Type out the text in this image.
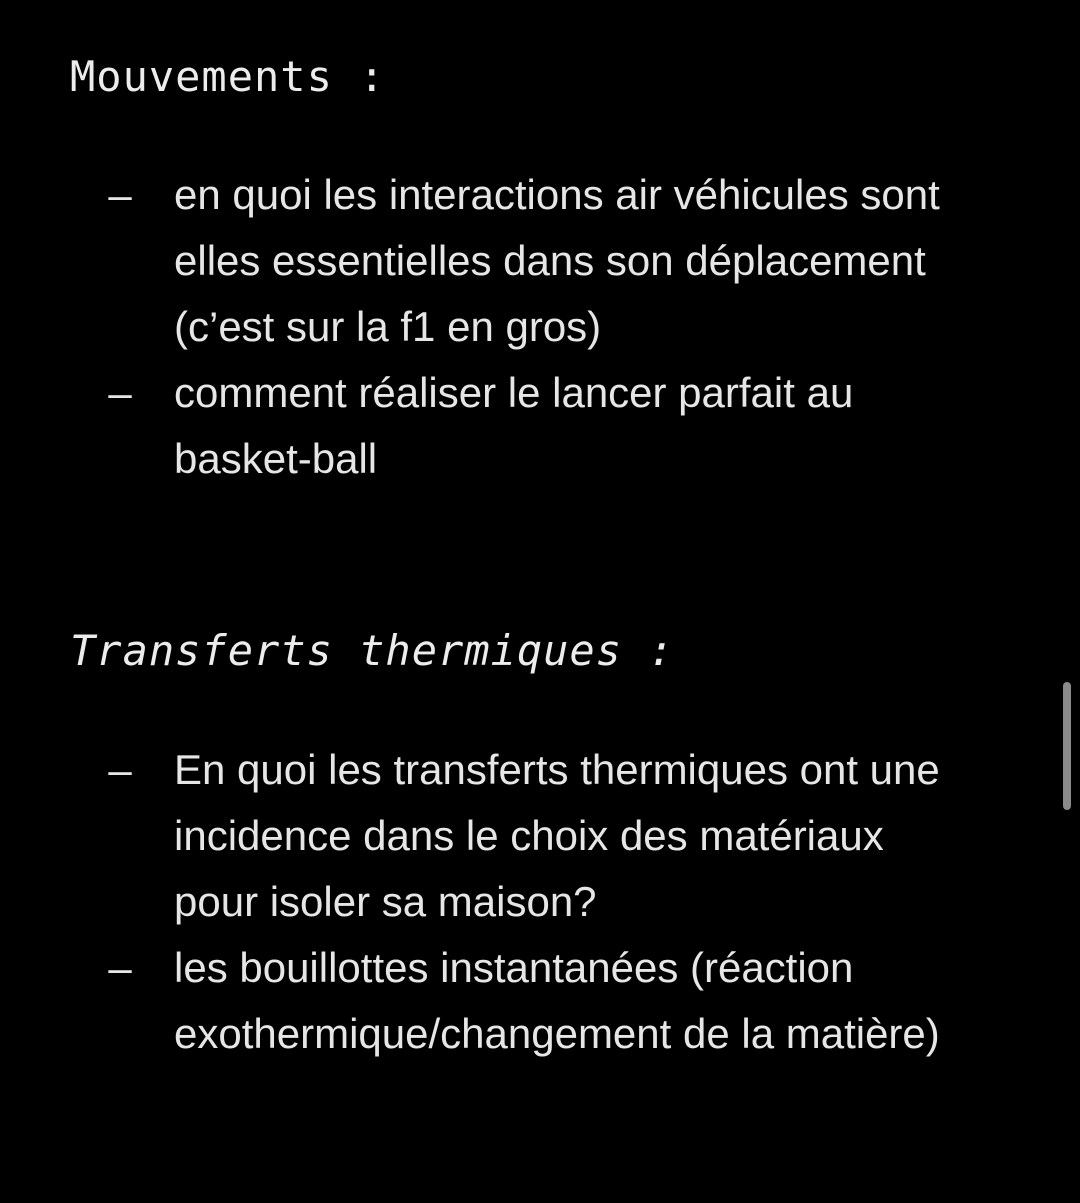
Mouvements :
– en quoi les interactions air véhicules sont elles essentielles dans son déplacement (c’est sur la f1 en gros)
– comment réaliser le lancer parfait au basket-ball
Transferts thermiques :
– En quoi les transferts thermiques ont une incidence dans le choix des matériaux pour isoler sa maison?
– les bouillottes instantanées (réaction exothermique/changement de la matière)
